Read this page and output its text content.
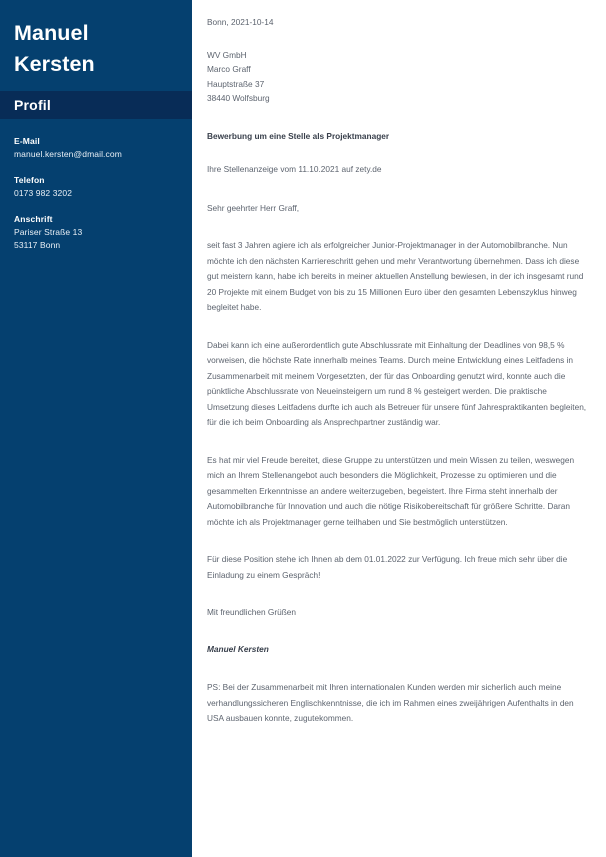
Manuel
Kersten
Profil
E-Mail
manuel.kersten@dmail.com
Telefon
0173 982 3202
Anschrift
Pariser Straße 13
53117 Bonn
Bonn, 2021-10-14
WV GmbH
Marco Graff
Hauptstraße 37
38440 Wolfsburg
Bewerbung um eine Stelle als Projektmanager
Ihre Stellenanzeige vom 11.10.2021 auf zety.de
Sehr geehrter Herr Graff,

seit fast 3 Jahren agiere ich als erfolgreicher Junior-Projektmanager in der Automobilbranche. Nun möchte ich den nächsten Karriereschritt gehen und mehr Verantwortung übernehmen. Dass ich diese gut meistern kann, habe ich bereits in meiner aktuellen Anstellung bewiesen, in der ich insgesamt rund 20 Projekte mit einem Budget von bis zu 15 Millionen Euro über den gesamten Lebenszyklus hinweg begleitet habe.

Dabei kann ich eine außerordentlich gute Abschlussrate mit Einhaltung der Deadlines von 98,5 % vorweisen, die höchste Rate innerhalb meines Teams. Durch meine Entwicklung eines Leitfadens in Zusammenarbeit mit meinem Vorgesetzten, der für das Onboarding genutzt wird, konnte auch die pünktliche Abschlussrate von Neueinsteigern um rund 8 % gesteigert werden. Die praktische Umsetzung dieses Leitfadens durfte ich auch als Betreuer für unsere fünf Jahrespraktikanten begleiten, für die ich beim Onboarding als Ansprechpartner zuständig war.

Es hat mir viel Freude bereitet, diese Gruppe zu unterstützen und mein Wissen zu teilen, weswegen mich an Ihrem Stellenangebot auch besonders die Möglichkeit, Prozesse zu optimieren und die gesammelten Erkenntnisse an andere weiterzugeben, begeistert. Ihre Firma steht innerhalb der Automobilbranche für Innovation und auch die nötige Risikobereitschaft für größere Schritte. Daran möchte ich als Projektmanager gerne teilhaben und Sie bestmöglich unterstützen.

Für diese Position stehe ich Ihnen ab dem 01.01.2022 zur Verfügung. Ich freue mich sehr über die Einladung zu einem Gespräch!

Mit freundlichen Grüßen
Manuel Kersten

PS: Bei der Zusammenarbeit mit Ihren internationalen Kunden werden mir sicherlich auch meine verhandlungssicheren Englischkenntnisse, die ich im Rahmen eines zweijährigen Aufenthalts in den USA ausbauen konnte, zugutekommen.
